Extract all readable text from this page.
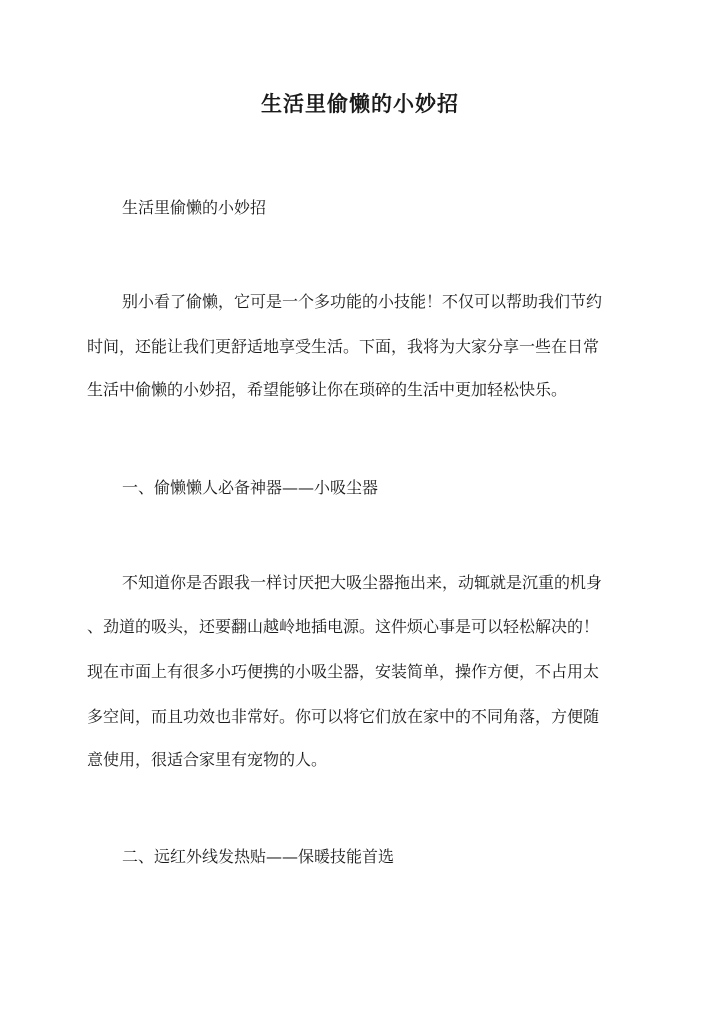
生活里偷懒的小妙招

生活里偷懒的小妙招

别小看了偷懒，它可是一个多功能的小技能！不仅可以帮助我们节约

时间，还能让我们更舒适地享受生活。下面，我将为大家分享一些在日常

生活中偷懒的小妙招，希望能够让你在琐碎的生活中更加轻松快乐。

一、偷懒懒人必备神器——小吸尘器

不知道你是否跟我一样讨厌把大吸尘器拖出来，动辄就是沉重的机身

、劲道的吸头，还要翻山越岭地插电源。这件烦心事是可以轻松解决的！

现在市面上有很多小巧便携的小吸尘器，安装简单，操作方便，不占用太

多空间，而且功效也非常好。你可以将它们放在家中的不同角落，方便随

意使用，很适合家里有宠物的人。

二、远红外线发热贴——保暖技能首选
